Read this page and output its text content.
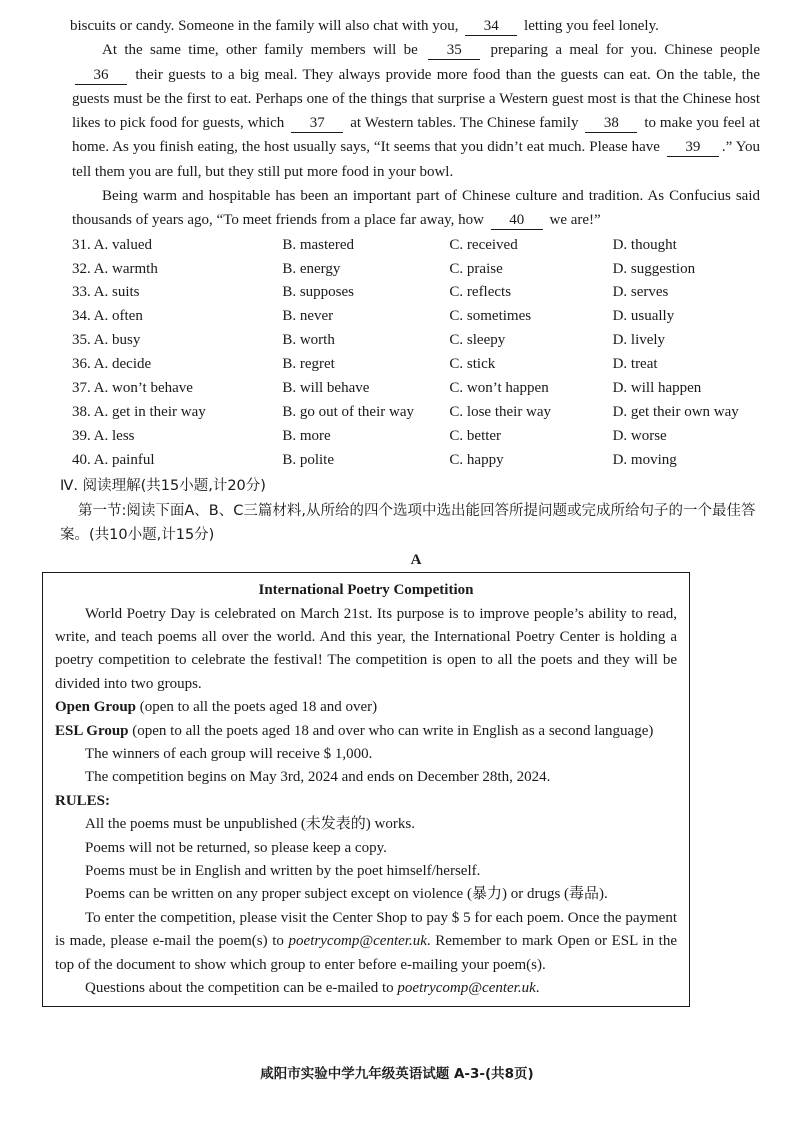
biscuits or candy. Someone in the family will also chat with you, 34 letting you feel lonely.

At the same time, other family members will be 35 preparing a meal for you. Chinese people 36 their guests to a big meal. They always provide more food than the guests can eat. On the table, the guests must be the first to eat. Perhaps one of the things that surprise a Western guest most is that the Chinese host likes to pick food for guests, which 37 at Western tables. The Chinese family 38 to make you feel at home. As you finish eating, the host usually says, “It seems that you didn’t eat much. Please have 39 .” You tell them you are full, but they still put more food in your bowl.

Being warm and hospitable has been an important part of Chinese culture and tradition. As Confucius said thousands of years ago, “To meet friends from a place far away, how 40 we are!”

31. A. valued	B. mastered	C. received	D. thought
32. A. warmth	B. energy	C. praise	D. suggestion
33. A. suits	B. supposes	C. reflects	D. serves
34. A. often	B. never	C. sometimes	D. usually
35. A. busy	B. worth	C. sleepy	D. lively
36. A. decide	B. regret	C. stick	D. treat
37. A. won’t behave	B. will behave	C. won’t happen	D. will happen
38. A. get in their way	B. go out of their way	C. lose their way	D. get their own way
39. A. less	B. more	C. better	D. worse
40. A. painful	B. polite	C. happy	D. moving
Ⅳ. 阅读理解(共15小题,计20分)
第一节:阅读下面A、B、C三篇材料,从所给的四个选项中选出能回答所提问题或完成所给句子的一个最佳答案。(共10小题,计15分)
A
International Poetry Competition

World Poetry Day is celebrated on March 21st. Its purpose is to improve people’s ability to read, write, and teach poems all over the world. And this year, the International Poetry Center is holding a poetry competition to celebrate the festival! The competition is open to all the poets and they will be divided into two groups.

Open Group (open to all the poets aged 18 and over)

ESL Group (open to all the poets aged 18 and over who can write in English as a second language)

The winners of each group will receive $ 1,000.

The competition begins on May 3rd, 2024 and ends on December 28th, 2024.

RULES:

All the poems must be unpublished (未发表的) works.

Poems will not be returned, so please keep a copy.

Poems must be in English and written by the poet himself/herself.

Poems can be written on any proper subject except on violence (暴力) or drugs (毒品).

To enter the competition, please visit the Center Shop to pay $ 5 for each poem. Once the payment is made, please e-mail the poem(s) to poetrycomp@center.uk. Remember to mark Open or ESL in the top of the document to show which group to enter before e-mailing your poem(s).

Questions about the competition can be e-mailed to poetrycomp@center.uk.

咸阳市实验中学九年级英语试题 A-3-(共8页)
